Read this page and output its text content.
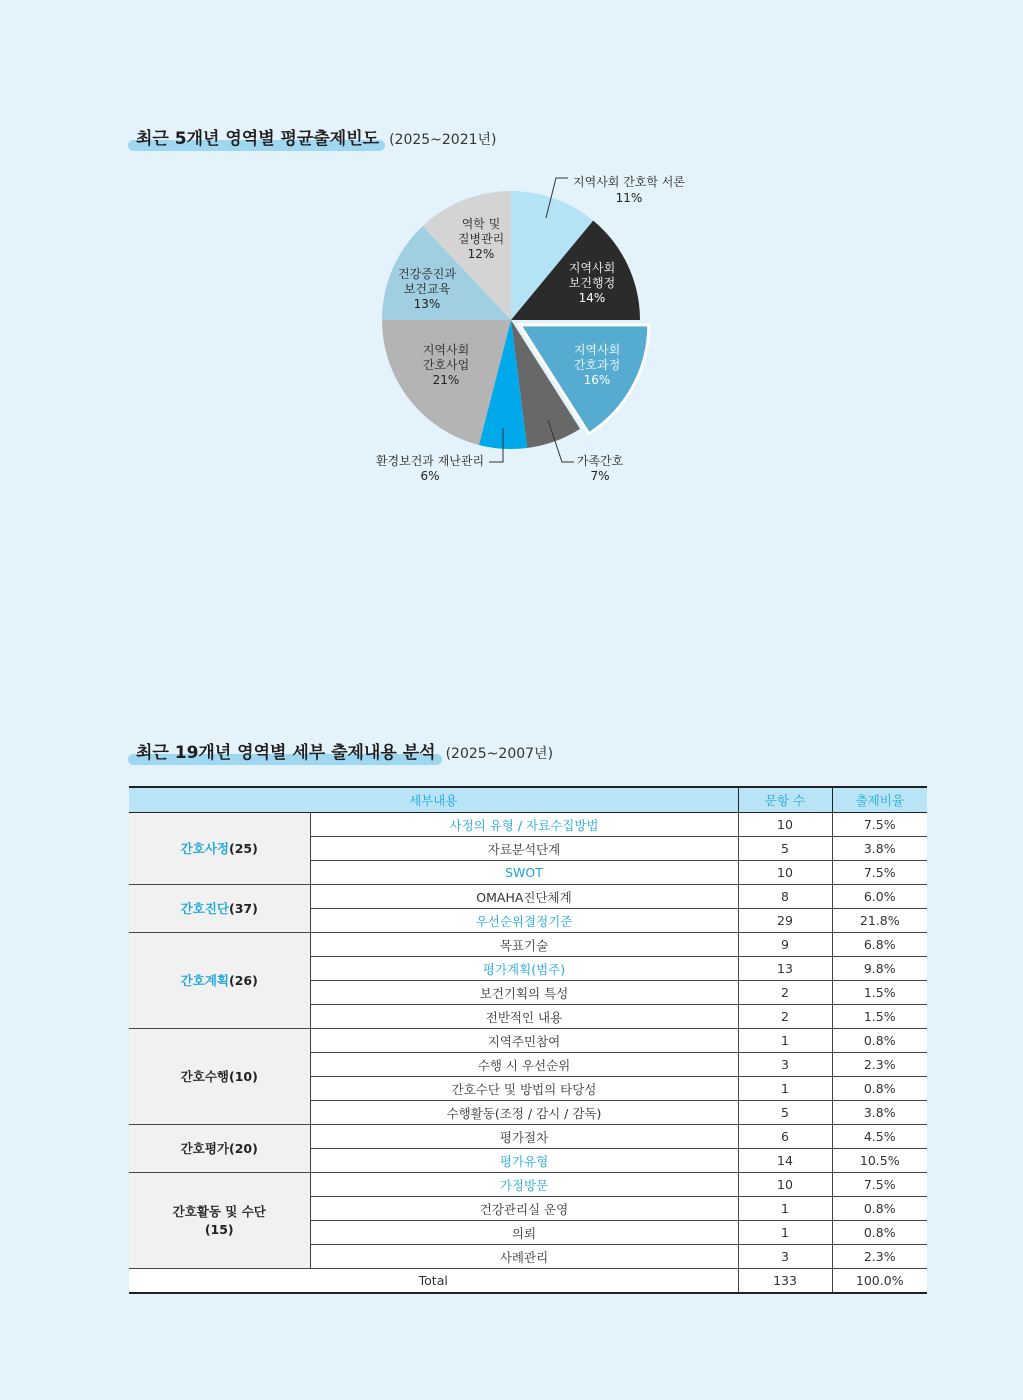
최근 5개년 영역별 평균출제빈도 (2025~2021년)
지역사회 간호학 서론
11%
지역사회
보건행정
14%
지역사회
간호과정
16%
가족간호
7%
환경보건과 재난관리
6%
지역사회
간호사업
21%
건강증진과
보건교육
13%
역학 및
질병관리
12%
최근 19개년 영역별 세부 출제내용 분석 (2025~2007년)
세부내용		문항 수	출제비율
간호사정(25)	사정의 유형 / 자료수집방법	10	7.5%
	자료분석단계	5	3.8%
	SWOT	10	7.5%
간호진단(37)	OMAHA진단체계	8	6.0%
	우선순위결정기준	29	21.8%
간호계획(26)	목표기술	9	6.8%
	평가계획(범주)	13	9.8%
	보건기획의 특성	2	1.5%
	전반적인 내용	2	1.5%
간호수행(10)	지역주민참여	1	0.8%
	수행 시 우선순위	3	2.3%
	간호수단 및 방법의 타당성	1	0.8%
	수행활동(조정 / 감시 / 감독)	5	3.8%
간호평가(20)	평가절차	6	4.5%
	평가유형	14	10.5%
간호활동 및 수단
(15)	가정방문	10	7.5%
	건강관리실 운영	1	0.8%
	의뢰	1	0.8%
	사례관리	3	2.3%
Total		133	100.0%
